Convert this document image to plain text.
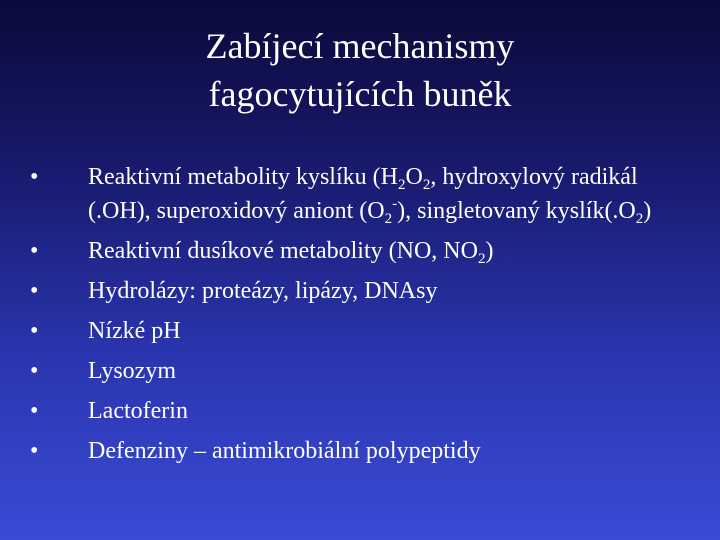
Zabíjecí mechanismy
fagocytujících buněk
•	Reaktivní metabolity kyslíku ($H_2O_2$, hydroxylový radikál (.OH), superoxidový aniont $(O_2^-)$, singletovaný $kyslík(.O_2)$
•	Reaktivní dusíkové metabolity (NO, $NO_2$)
•	Hydrolázy: proteázy, lipázy, DNAsy
•	Nízké pH
•	Lysozym
•	Lactoferin
•	Defenziny – antimikrobiální polypeptidy
